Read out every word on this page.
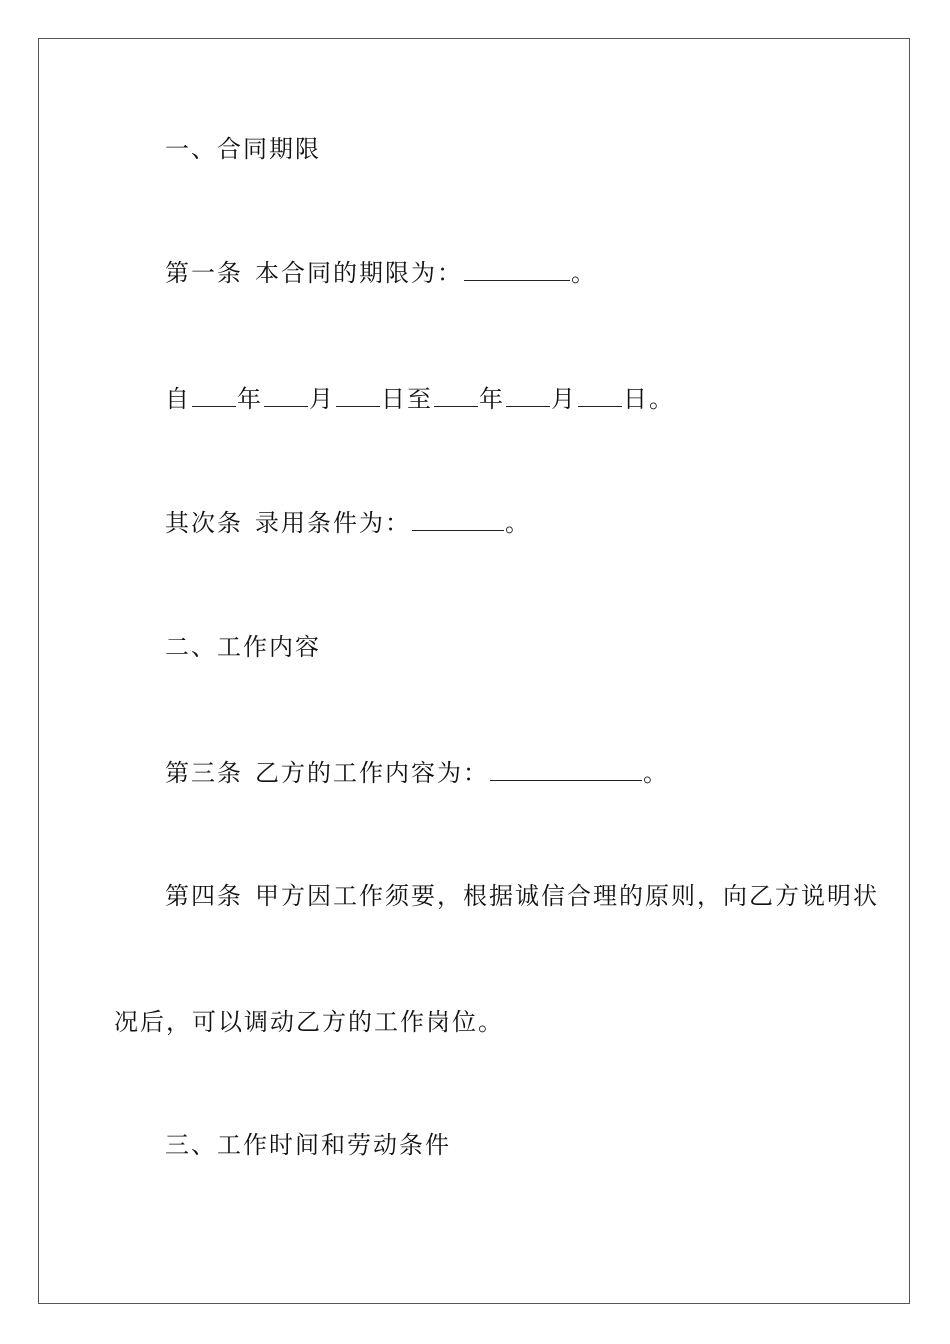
一、合同期限
第一条 本合同的期限为：	。
自 年 月 日至 年 月 日。
其次条 录用条件为：	。
二、工作内容
第三条 乙方的工作内容为：	。
第四条 甲方因工作须要，根据诚信合理的原则，向乙方说明状
况后，可以调动乙方的工作岗位。
三、工作时间和劳动条件
